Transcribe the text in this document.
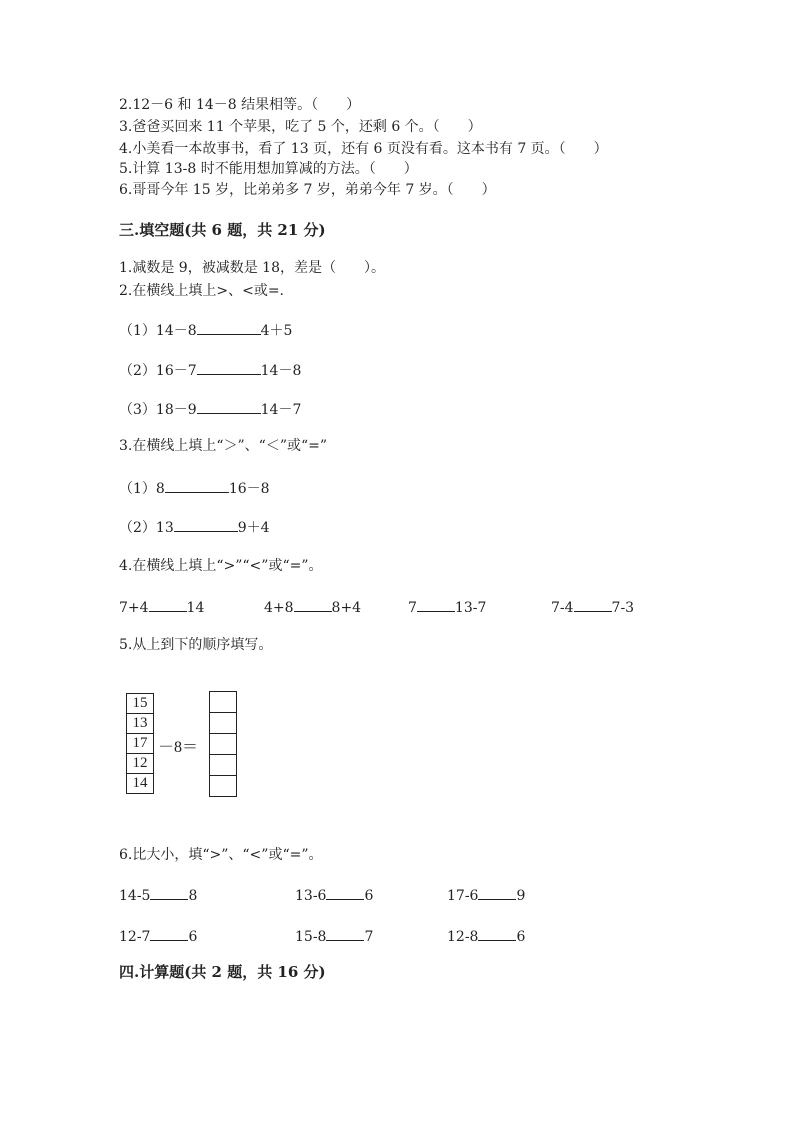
2.12－6 和 14－8 结果相等。（　　）
3.爸爸买回来 11 个苹果，吃了 5 个，还剩 6 个。（　　）
4.小美看一本故事书，看了 13 页，还有 6 页没有看。这本书有 7 页。（　　）
5.计算 13-8 时不能用想加算减的方法。（　　）
6.哥哥今年 15 岁，比弟弟多 7 岁，弟弟今年 7 岁。（　　）
三.填空题(共 6 题，共 21 分)
1.减数是 9，被减数是 18，差是（　　）。
2.在横线上填上>、<或=.
（1）14－8	4＋5
（2）16－7	14－8
（3）18－9	14－7
3.在横线上填上“＞”、“＜”或“=”
（1）8	16－8
（2）13	9＋4
4.在横线上填上“>”“<”或“=”。
7+4	14	4+8	8+4	7	13-7	7-4	7-3
5.从上到下的顺序填写。
15
13
17
12
14
－8＝
6.比大小，填“>”、“<”或“=”。
14-5	8	13-6	6	17-6	9
12-7	6	15-8	7	12-8	6
四.计算题(共 2 题，共 16 分)
